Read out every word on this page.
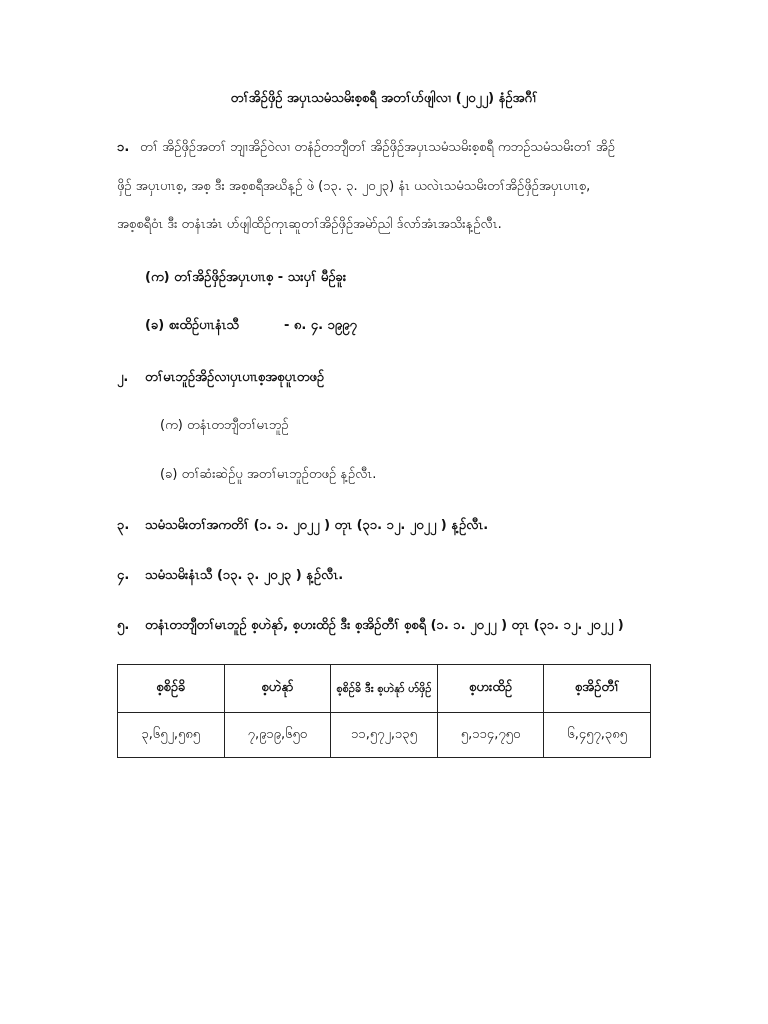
တၢ်အိဉ်ဖှိဉ် အပှၤသမံသမိးစ့စရီ အတၢ်ပာ်ဖျါလၢ (၂၀၂၂) နံဉ်အဂီၢ်
၁. တၢ် အိဉ်ဖှိဉ်အတၢ် ဘျၢအိဉ်ဝဲလၢ တနံဉ်တဘျီတၢ် အိဉ်ဖှိဉ်အပှၤသမံသမိးစ့စရီ ကဘဉ်သမံသမိးတၢ် အိဉ်
ဖှိဉ် အပှၤပၢၤစ့, အစ့ ဒီး အစ့စရီအဃိန့ဉ် ဖဲ (၁၃. ၃. ၂၀၂၃) နံၤ ယလဲၤသမံသမိးတၢ်အိဉ်ဖှိဉ်အပှၤပၢၤစ့,
အစ့စရီဝံၤ ဒီး တနံၤအံၤ ပာ်ဖျါထိဉ်ကုၤဆူတၢ်အိဉ်ဖှိဉ်အမဲာ်ညါ ဒ်လာ်အံၤအသိးန့ဉ်လီၤ.
(က) တၢ်အိဉ်ဖှိဉ်အပှၤပၢၤစ့ - သးပှၢ် မီဉ်ခူး
(ခ) စးထိဉ်ပၢၤနံၤသီ	- ၈. ၄. ၁၉၉၇
၂. တၢ်မၤဘူဉ်အိဉ်လၢပှၤပၢၤစ့အစုပူၤတဖဉ်
(က) တနံၤတဘျီတၢ်မၤဘူဉ်
(ခ) တၢ်ဆံးဆဲဉ်ပူ အတၢ်မၤဘူဉ်တဖဉ် န့ဉ်လီၤ.
၃. သမံသမိးတၢ်အကတိၢ် (၁. ၁. ၂၀၂၂ ) တုၤ (၃၁. ၁၂. ၂၀၂၂ ) န့ဉ်လီၤ.
၄. သမံသမိးနံၤသီ (၁၃. ၃. ၂၀၂၃ ) န့ဉ်လီၤ.
၅. တနံၤတဘျီတၢ်မၤဘူဉ် စ့ဟဲနုာ်, စ့ဟးထိဉ် ဒီး စ့အိဉ်တီၢ် စ့စရီ (၁. ၁. ၂၀၂၂ ) တုၤ (၃၁. ၁၂. ၂၀၂၂ )
စ့စိဉ်ခိ	စ့ဟဲနုာ်	စ့စိဉ်ခိ ဒီး စ့ဟဲနုာ် ပာ်ဖှိဉ်	စ့ဟးထိဉ်	စ့အိဉ်တီၢ်
၃,၆၅၂,၅၈၅	၇,၉၁၉,၆၅၀	၁၁,၅၇၂,၁၃၅	၅,၁၁၄,၇၅၀	၆,၄၅၇,၃၈၅
